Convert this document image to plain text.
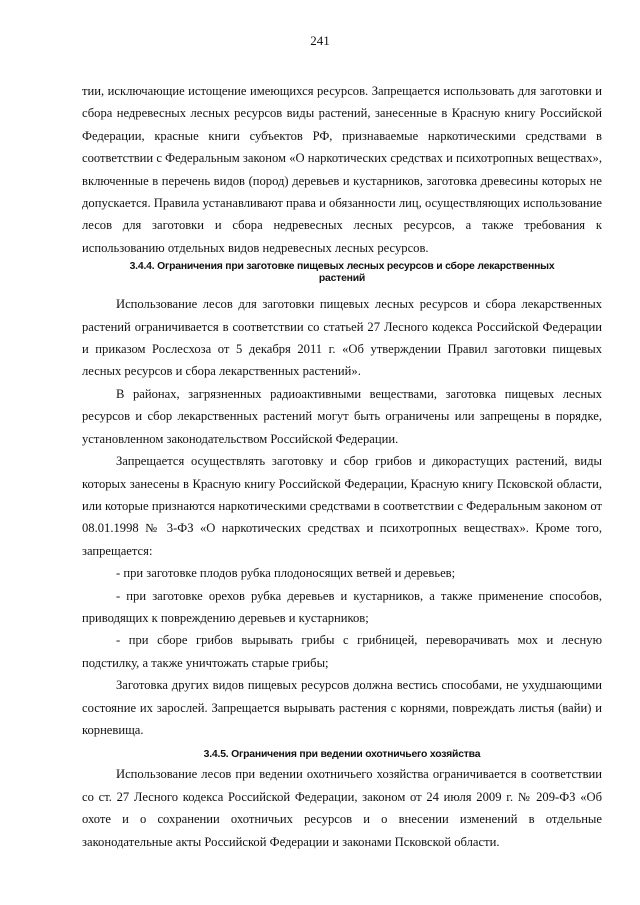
241

тии, исключающие истощение имеющихся ресурсов. Запрещается использовать для заготовки и сбора недревесных лесных ресурсов виды растений, занесенные в Красную книгу Российской Федерации, красные книги субъектов РФ, признаваемые наркотическими средствами в соответствии с Федеральным законом «О наркотических средствах и психотропных веществах», включенные в перечень видов (пород) деревьев и кустарников, заготовка древесины которых не допускается. Правила устанавливают права и обязанности лиц, осуществляющих использование лесов для заготовки и сбора недревесных лесных ресурсов, а также требования к использованию отдельных видов недревесных лесных ресурсов.

3.4.4. Ограничения при заготовке пищевых лесных ресурсов и сборе лекарственных растений

Использование лесов для заготовки пищевых лесных ресурсов и сбора лекарственных растений ограничивается в соответствии со статьей 27 Лесного кодекса Российской Федерации и приказом Рослесхоза от 5 декабря 2011 г. «Об утверждении Правил заготовки пищевых лесных ресурсов и сбора лекарственных растений».

В районах, загрязненных радиоактивными веществами, заготовка пищевых лесных ресурсов и сбор лекарственных растений могут быть ограничены или запрещены в порядке, установленном законодательством Российской Федерации.

Запрещается осуществлять заготовку и сбор грибов и дикорастущих растений, виды которых занесены в Красную книгу Российской Федерации, Красную книгу Псковской области, или которые признаются наркотическими средствами в соответствии с Федеральным законом от 08.01.1998 № 3-ФЗ «О наркотических средствах и психотропных веществах». Кроме того, запрещается:

- при заготовке плодов рубка плодоносящих ветвей и деревьев;

- при заготовке орехов рубка деревьев и кустарников, а также применение способов, приводящих к повреждению деревьев и кустарников;

- при сборе грибов вырывать грибы с грибницей, переворачивать мох и лесную подстилку, а также уничтожать старые грибы;

Заготовка других видов пищевых ресурсов должна вестись способами, не ухудшающими состояние их зарослей. Запрещается вырывать растения с корнями, повреждать листья (вайи) и корневища.

3.4.5. Ограничения при ведении охотничьего хозяйства

Использование лесов при ведении охотничьего хозяйства ограничивается в соответствии со ст. 27 Лесного кодекса Российской Федерации, законом от 24 июля 2009 г. № 209-ФЗ «Об охоте и о сохранении охотничьих ресурсов и о внесении изменений в отдельные законодательные акты Российской Федерации и законами Псковской области.
